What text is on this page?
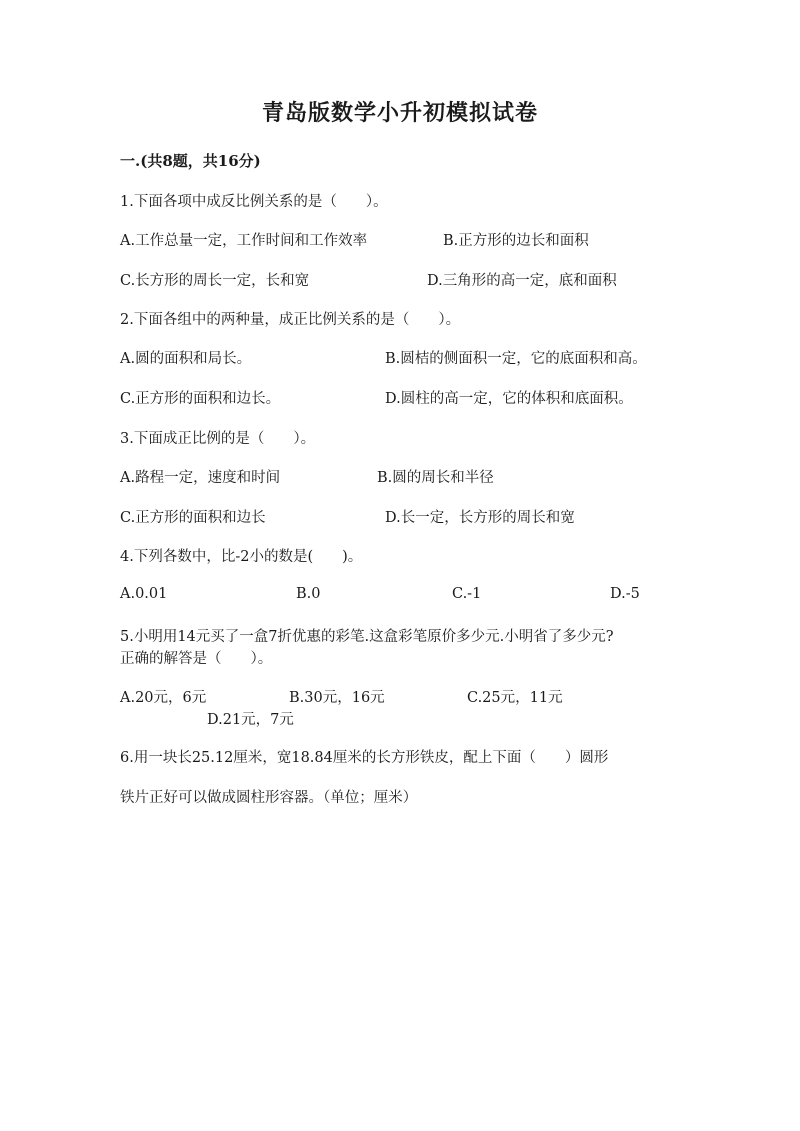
青岛版数学小升初模拟试卷
一.(共8题，共16分)
1.下面各项中成反比例关系的是（　　）。
A.工作总量一定，工作时间和工作效率	B.正方形的边长和面积
C.长方形的周长一定，长和宽	D.三角形的高一定，底和面积
2.下面各组中的两种量，成正比例关系的是（　　）。
A.圆的面积和局长。	B.圆桔的侧面积一定，它的底面积和高。
C.正方形的面积和边长。	D.圆柱的高一定，它的体积和底面积。
3.下面成正比例的是（　　）。
A.路程一定，速度和时间	B.圆的周长和半径
C.正方形的面积和边长	D.长一定，长方形的周长和宽
4.下列各数中，比-2小的数是(　　)。
A.0.01	B.0	C.-1	D.-5
5.小明用14元买了一盒7折优惠的彩笔.这盒彩笔原价多少元.小明省了多少元?
正确的解答是（　　）。
A.20元，6元	B.30元，16元	C.25元，11元
D.21元，7元
6.用一块长25.12厘米，宽18.84厘米的长方形铁皮，配上下面（　　）圆形
铁片正好可以做成圆柱形容器。（单位；厘米）
